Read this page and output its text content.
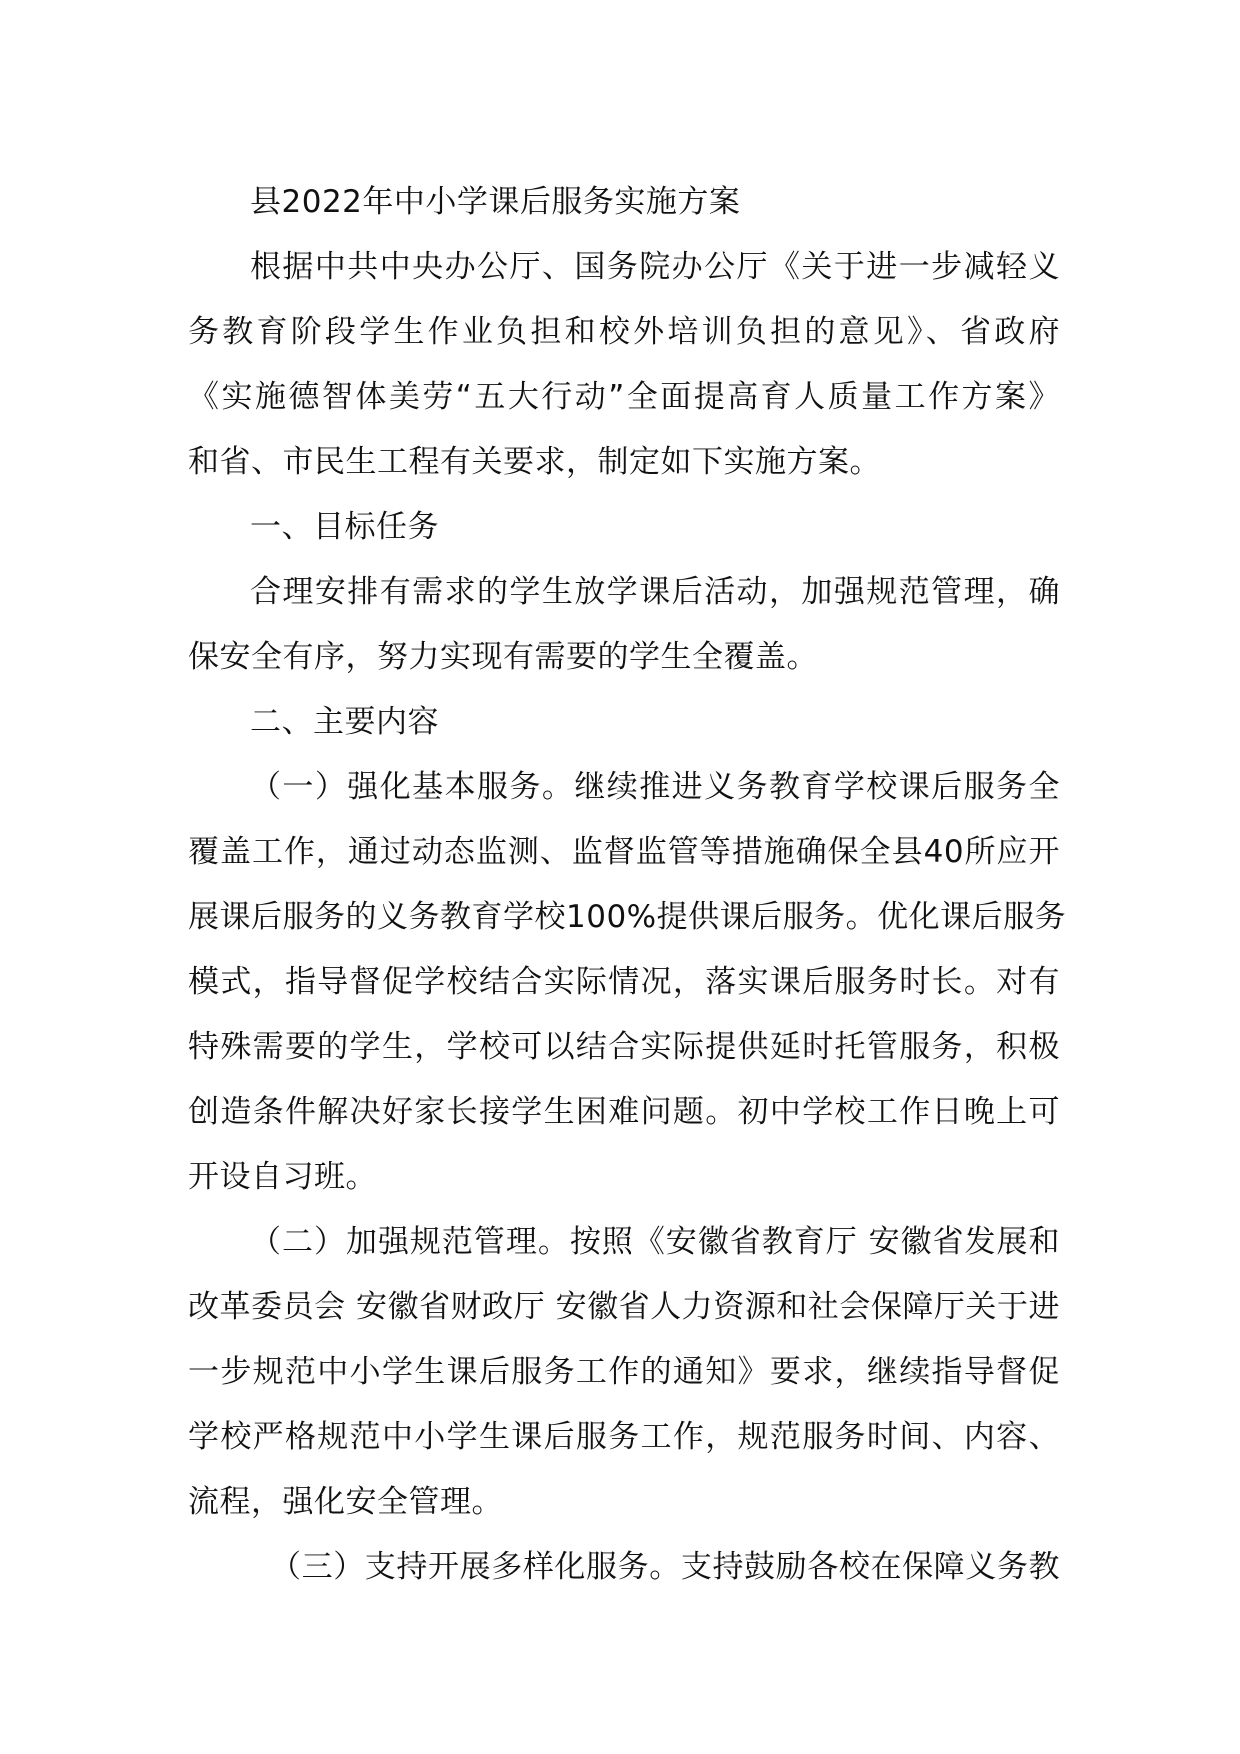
县2022年中小学课后服务实施方案
根据中共中央办公厅、国务院办公厅《关于进一步减轻义
务教育阶段学生作业负担和校外培训负担的意见》、省政府
《实施德智体美劳“五大行动”全面提高育人质量工作方案》
和省、市民生工程有关要求，制定如下实施方案。
一、目标任务
合理安排有需求的学生放学课后活动，加强规范管理，确
保安全有序，努力实现有需要的学生全覆盖。
二、主要内容
（一）强化基本服务。继续推进义务教育学校课后服务全
覆盖工作，通过动态监测、监督监管等措施确保全县40所应开
展课后服务的义务教育学校100%提供课后服务。优化课后服务
模式，指导督促学校结合实际情况，落实课后服务时长。对有
特殊需要的学生，学校可以结合实际提供延时托管服务，积极
创造条件解决好家长接学生困难问题。初中学校工作日晚上可
开设自习班。
（二）加强规范管理。按照《安徽省教育厅 安徽省发展和
改革委员会 安徽省财政厅 安徽省人力资源和社会保障厅关于进
一步规范中小学生课后服务工作的通知》要求，继续指导督促
学校严格规范中小学生课后服务工作，规范服务时间、内容、
流程，强化安全管理。
（三）支持开展多样化服务。支持鼓励各校在保障义务教
